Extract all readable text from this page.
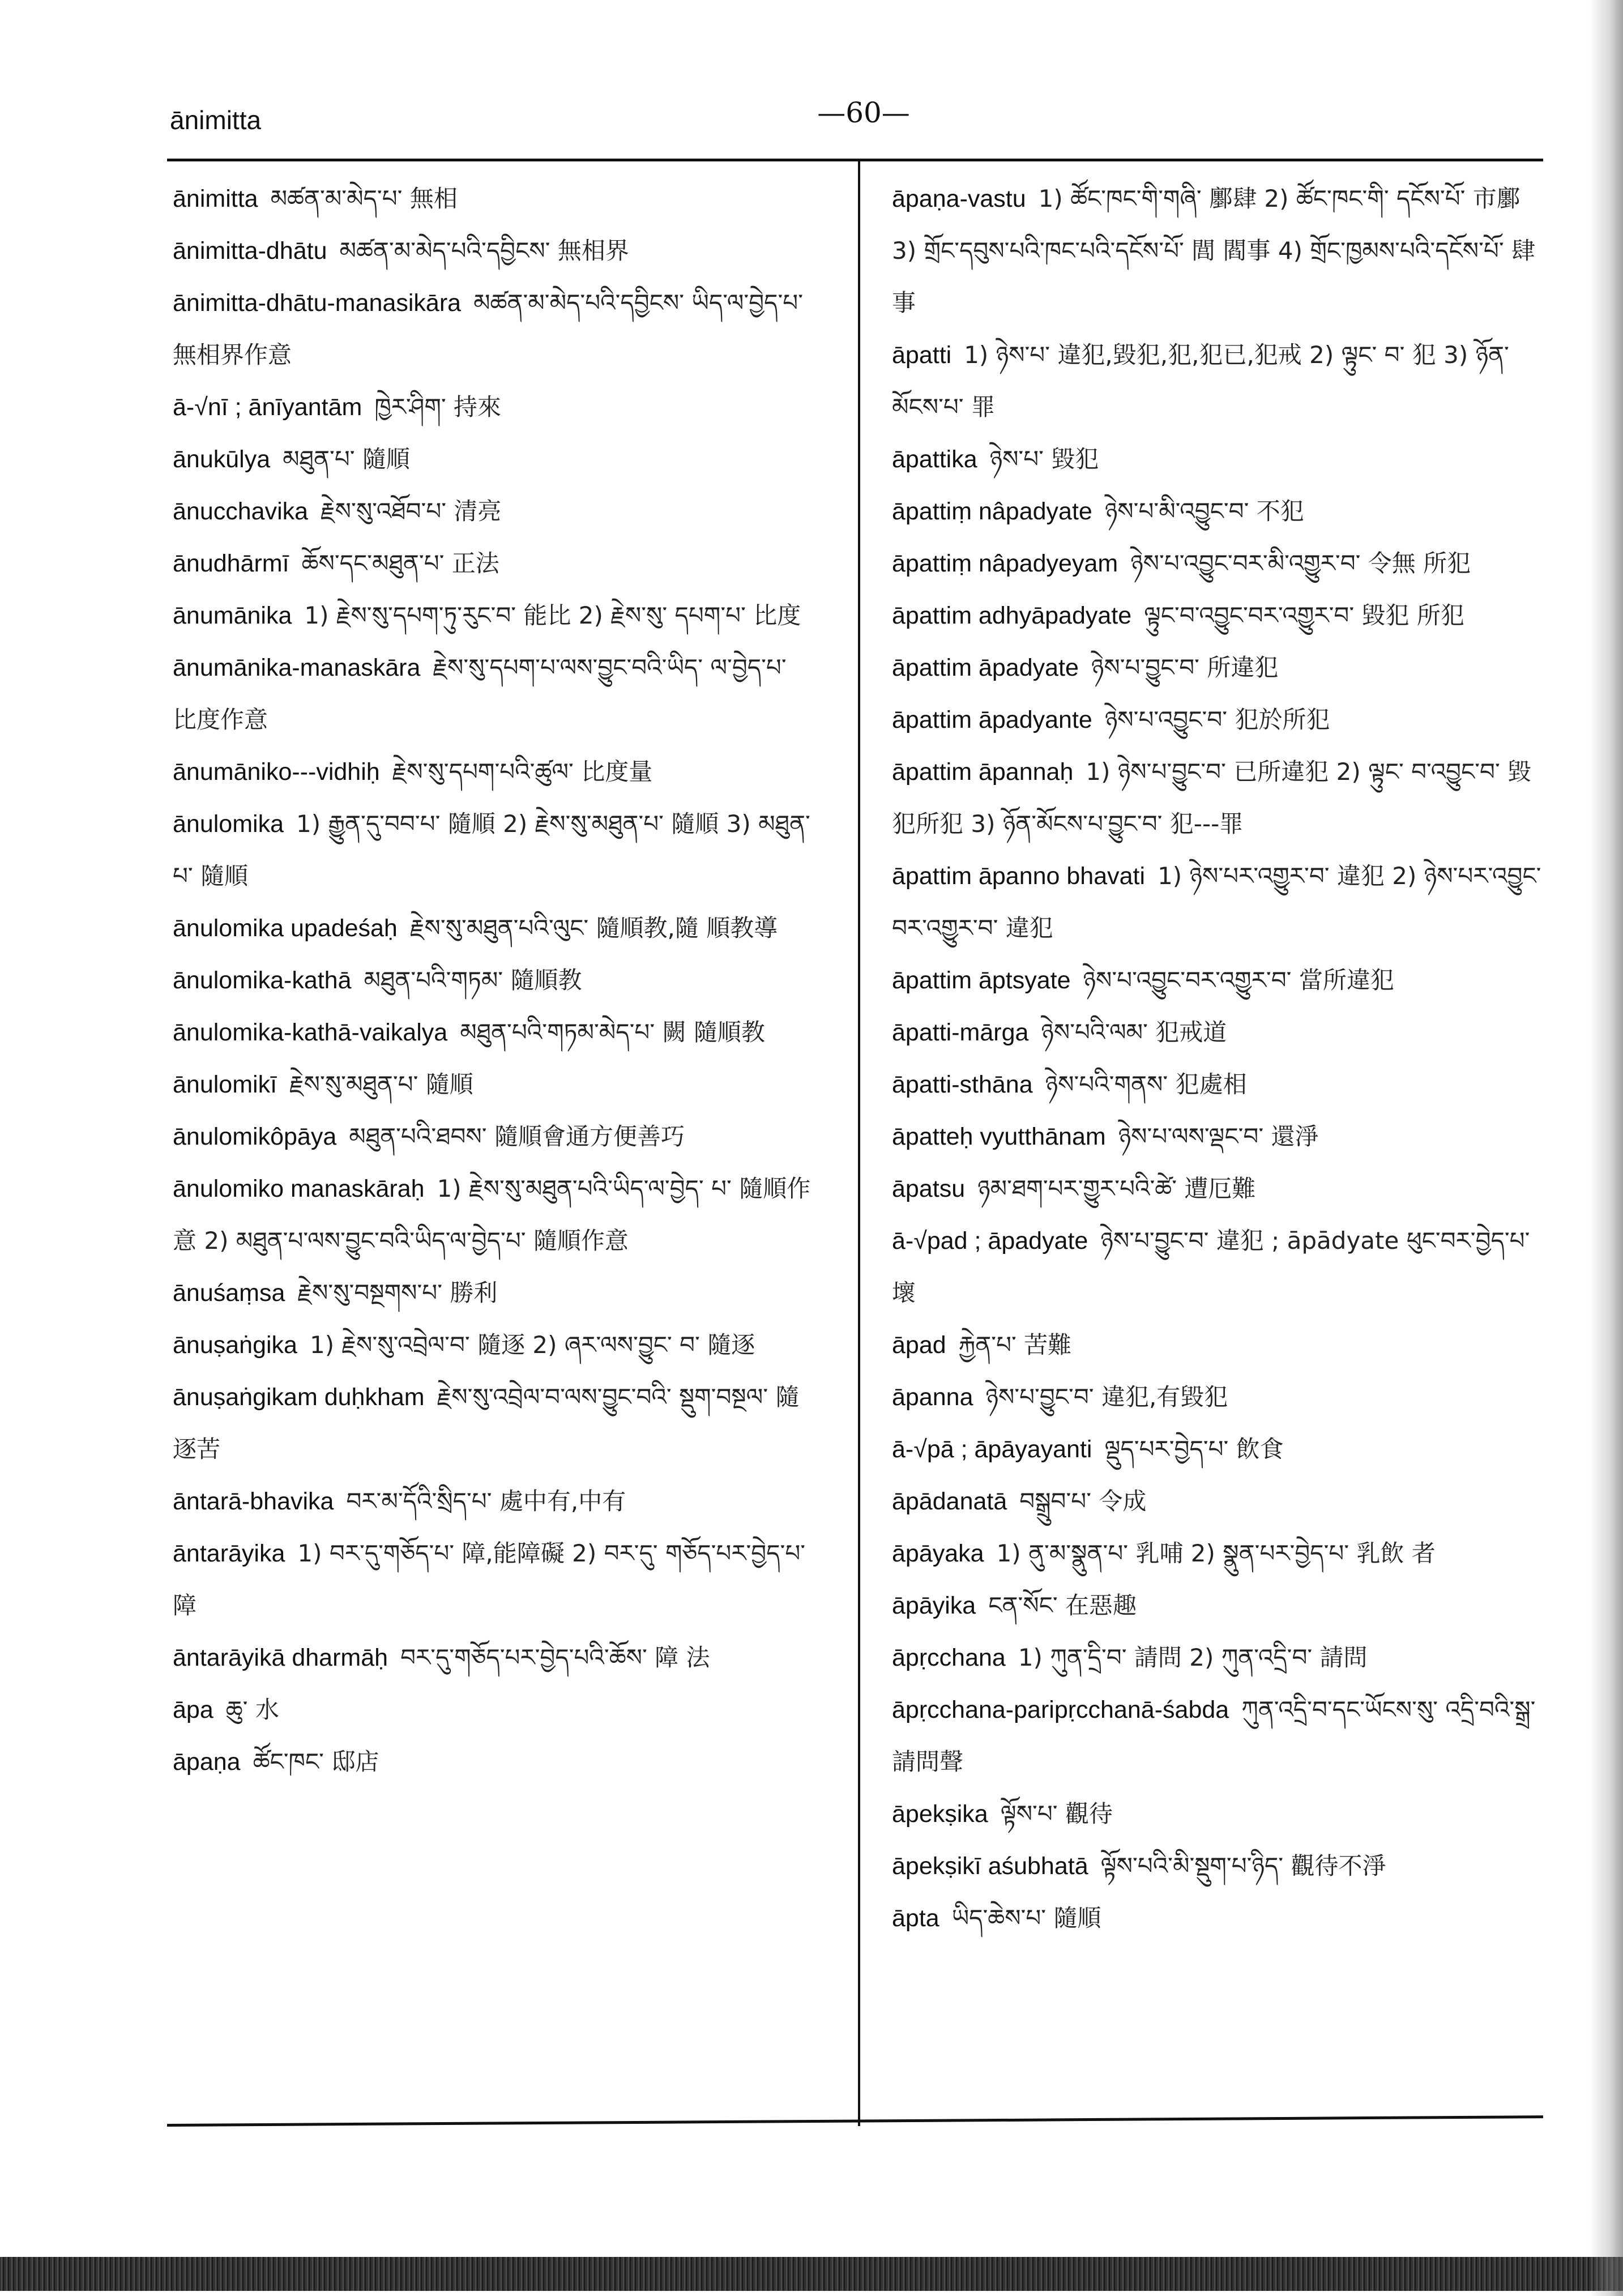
ānimitta	—60—

ānimitta མཚན་མ་མེད་པ་ 無相

ānimitta-dhātu མཚན་མ་མེད་པའི་དབྱིངས་ 無相界

ānimitta-dhātu-manasikāra མཚན་མ་མེད་པའི་དབྱིངས་ ཡིད་ལ་བྱེད་པ་ 無相界作意

ā-√nī ; ānīyantām ཁྱེར་ཤིག་ 持來

ānukūlya མཐུན་པ་ 隨順

ānucchavika རྗེས་སུ་འཐོབ་པ་ 清亮

ānudhārmī ཆོས་དང་མཐུན་པ་ 正法

ānumānika 1) རྗེས་སུ་དཔག་ཏུ་རུང་བ་ 能比 2) རྗེས་སུ་ དཔག་པ་ 比度

ānumānika-manaskāra རྗེས་སུ་དཔག་པ་ལས་བྱུང་བའི་ཡིད་ ལ་བྱེད་པ་ 比度作意

ānumāniko---vidhiḥ རྗེས་སུ་དཔག་པའི་ཚུལ་ 比度量

ānulomika 1) རྒྱུན་དུ་བབ་པ་ 隨順 2) རྗེས་སུ་མཐུན་པ་ 隨順 3) མཐུན་པ་ 隨順

ānulomika upadeśaḥ རྗེས་སུ་མཐུན་པའི་ལུང་ 隨順教,隨 順教導

ānulomika-kathā མཐུན་པའི་གཏམ་ 隨順教

ānulomika-kathā-vaikalya མཐུན་པའི་གཏམ་མེད་པ་ 闕 隨順教

ānulomikī རྗེས་སུ་མཐུན་པ་ 隨順

ānulomikôpāya མཐུན་པའི་ཐབས་ 隨順會通方便善巧

ānulomiko manaskāraḥ 1) རྗེས་སུ་མཐུན་པའི་ཡིད་ལ་བྱེད་ པ་ 隨順作意 2) མཐུན་པ་ལས་བྱུང་བའི་ཡིད་ལ་བྱེད་པ་ 隨順作意

ānuśaṃsa རྗེས་སུ་བསྔགས་པ་ 勝利

ānuṣaṅgika 1) རྗེས་སུ་འབྲེལ་བ་ 隨逐 2) ཞར་ལས་བྱུང་ བ་ 隨逐

ānuṣaṅgikam duḥkham རྗེས་སུ་འབྲེལ་བ་ལས་བྱུང་བའི་ སྡུག་བསྔལ་ 隨逐苦

āntarā-bhavika བར་མ་དོའི་སྲིད་པ་ 處中有,中有

āntarāyika 1) བར་དུ་གཅོད་པ་ 障,能障礙 2) བར་དུ་ གཅོད་པར་བྱེད་པ་ 障

āntarāyikā dharmāḥ བར་དུ་གཅོད་པར་བྱེད་པའི་ཆོས་ 障 法

āpa ཆུ་ 水

āpaṇa ཚོང་ཁང་ 邸店

āpaṇa-vastu 1) ཚོང་ཁང་གི་གཞི་ 鄽肆 2) ཚོང་ཁང་གི་ དངོས་པོ་ 市鄽 3) གྲོང་དབུས་པའི་ཁང་པའི་དངོས་པོ་ 閭 閻事 4) གྲོང་ཁྱམས་པའི་དངོས་པོ་ 肆事

āpatti 1) ཉེས་པ་ 違犯,毀犯,犯,犯已,犯戒 2) ལྟུང་ བ་ 犯 3) ཉོན་མོངས་པ་ 罪

āpattika ཉེས་པ་ 毀犯

āpattiṃ nâpadyate ཉེས་པ་མི་འབྱུང་བ་ 不犯

āpattiṃ nâpadyeyam ཉེས་པ་འབྱུང་བར་མི་འགྱུར་བ་ 令無 所犯

āpattim adhyāpadyate ལྟུང་བ་འབྱུང་བར་འགྱུར་བ་ 毀犯 所犯

āpattim āpadyate ཉེས་པ་བྱུང་བ་ 所違犯

āpattim āpadyante ཉེས་པ་འབྱུང་བ་ 犯於所犯

āpattim āpannaḥ 1) ཉེས་པ་བྱུང་བ་ 已所違犯 2) ལྟུང་ བ་འབྱུང་བ་ 毀犯所犯 3) ཉོན་མོངས་པ་བྱུང་བ་ 犯---罪

āpattim āpanno bhavati 1) ཉེས་པར་འགྱུར་བ་ 違犯 2) ཉེས་པར་འབྱུང་བར་འགྱུར་བ་ 違犯

āpattim āptsyate ཉེས་པ་འབྱུང་བར་འགྱུར་བ་ 當所違犯

āpatti-mārga ཉེས་པའི་ལམ་ 犯戒道

āpatti-sthāna ཉེས་པའི་གནས་ 犯處相

āpatteḥ vyutthānam ཉེས་པ་ལས་ལྡང་བ་ 還淨

āpatsu ཉམ་ཐག་པར་གྱུར་པའི་ཚེ་ 遭厄難

ā-√pad ; āpadyate ཉེས་པ་བྱུང་བ་ 違犯 ; āpādyate ཕུང་བར་བྱེད་པ་ 壞

āpad རྐྱེན་པ་ 苦難

āpanna ཉེས་པ་བྱུང་བ་ 違犯,有毀犯

ā-√pā ; āpāyayanti ལྡུད་པར་བྱེད་པ་ 飲食

āpādanatā བསྒྲུབ་པ་ 令成

āpāyaka 1) ནུ་མ་སྣུན་པ་ 乳哺 2) སྣུན་པར་བྱེད་པ་ 乳飲 者

āpāyika ངན་སོང་ 在惡趣

āpṛcchana 1) ཀུན་དྲི་བ་ 請問 2) ཀུན་འདྲི་བ་ 請問

āpṛcchana-paripṛcchanā-śabda ཀུན་འདྲི་བ་དང་ཡོངས་སུ་ འདྲི་བའི་སྒྲ་ 請問聲

āpekṣika ལྟོས་པ་ 觀待

āpekṣikī aśubhatā ལྟོས་པའི་མི་སྡུག་པ་ཉིད་ 觀待不淨

āpta ཡིད་ཆེས་པ་ 隨順
